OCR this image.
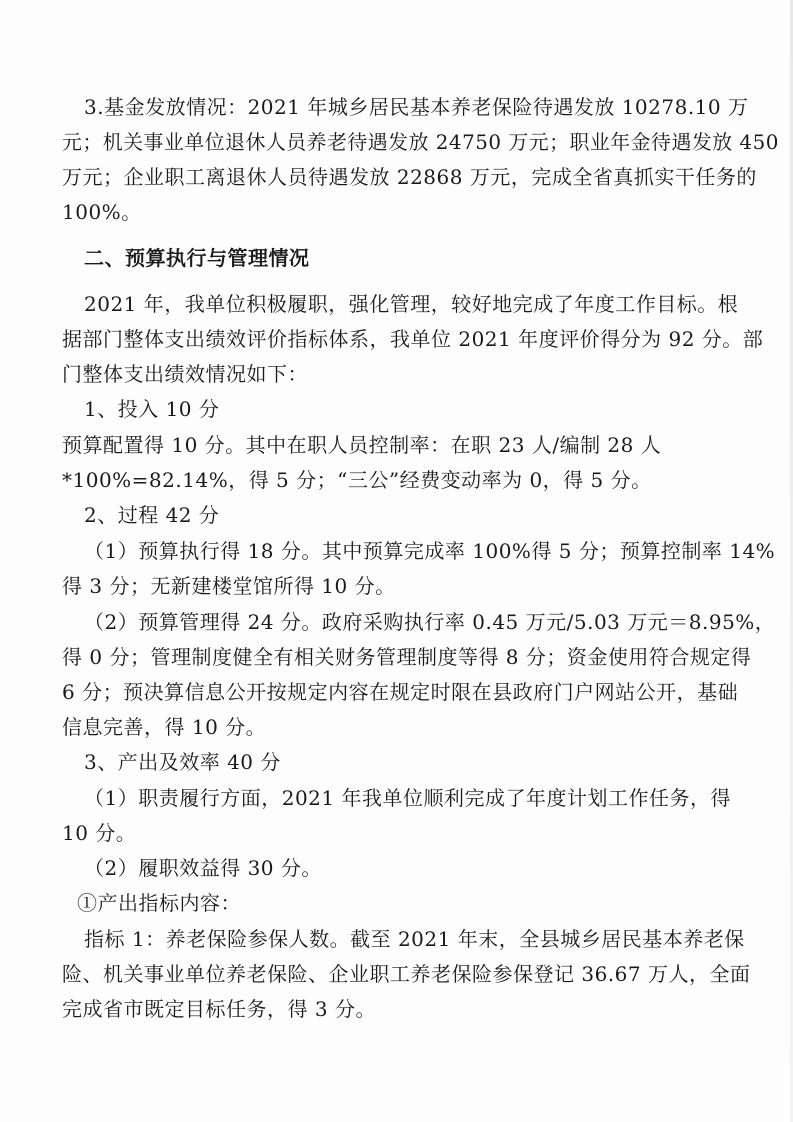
3.基金发放情况：2021 年城乡居民基本养老保险待遇发放 10278.10 万
元；机关事业单位退休人员养老待遇发放 24750 万元；职业年金待遇发放 450
万元；企业职工离退休人员待遇发放 22868 万元，完成全省真抓实干任务的
100%。
二、预算执行与管理情况
2021 年，我单位积极履职，强化管理，较好地完成了年度工作目标。根
据部门整体支出绩效评价指标体系，我单位 2021 年度评价得分为 92 分。部
门整体支出绩效情况如下：
1、投入 10 分
预算配置得 10 分。其中在职人员控制率：在职 23 人/编制 28 人
*100%=82.14%，得 5 分；“三公”经费变动率为 0，得 5 分。
2、过程 42 分
（1）预算执行得 18 分。其中预算完成率 100%得 5 分；预算控制率 14%
得 3 分；无新建楼堂馆所得 10 分。
（2）预算管理得 24 分。政府采购执行率 0.45 万元/5.03 万元＝8.95%，
得 0 分；管理制度健全有相关财务管理制度等得 8 分；资金使用符合规定得
6 分；预决算信息公开按规定内容在规定时限在县政府门户网站公开，基础
信息完善，得 10 分。
3、产出及效率 40 分
（1）职责履行方面，2021 年我单位顺利完成了年度计划工作任务，得
10 分。
（2）履职效益得 30 分。
①产出指标内容：
指标 1：养老保险参保人数。截至 2021 年末，全县城乡居民基本养老保
险、机关事业单位养老保险、企业职工养老保险参保登记 36.67 万人，全面
完成省市既定目标任务，得 3 分。
